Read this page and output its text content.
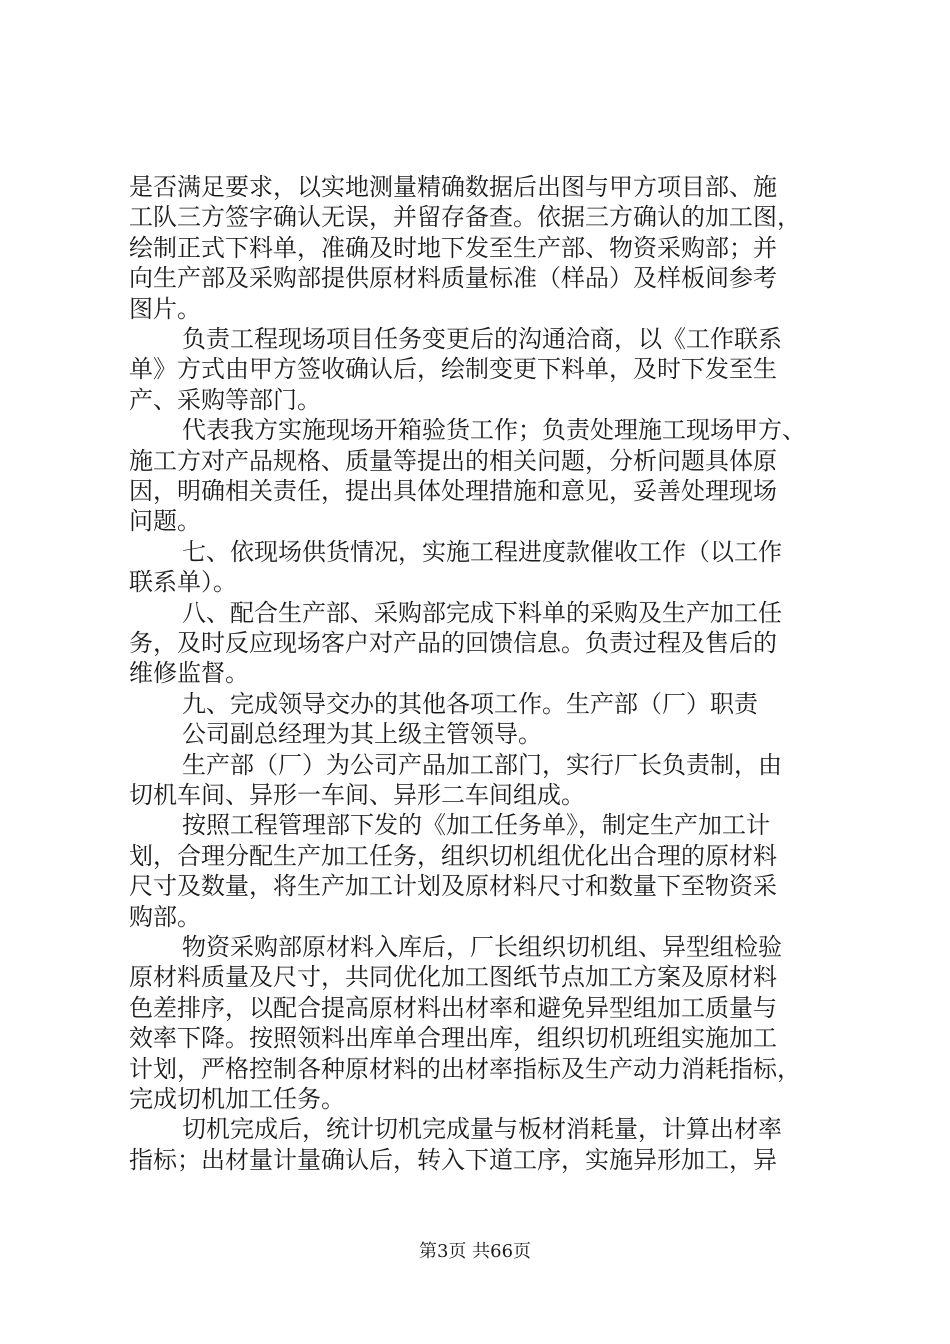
是否满足要求，以实地测量精确数据后出图与甲方项目部、施
工队三方签字确认无误，并留存备查。依据三方确认的加工图，
绘制正式下料单，准确及时地下发至生产部、物资采购部；并
向生产部及采购部提供原材料质量标准（样品）及样板间参考
图片。
负责工程现场项目任务变更后的沟通洽商，以《工作联系
单》方式由甲方签收确认后，绘制变更下料单，及时下发至生
产、采购等部门。
代表我方实施现场开箱验货工作；负责处理施工现场甲方、
施工方对产品规格、质量等提出的相关问题，分析问题具体原
因，明确相关责任，提出具体处理措施和意见，妥善处理现场
问题。
七、依现场供货情况，实施工程进度款催收工作（以工作
联系单）。
八、配合生产部、采购部完成下料单的采购及生产加工任
务，及时反应现场客户对产品的回馈信息。负责过程及售后的
维修监督。
九、完成领导交办的其他各项工作。生产部（厂）职责
公司副总经理为其上级主管领导。
生产部（厂）为公司产品加工部门，实行厂长负责制，由
切机车间、异形一车间、异形二车间组成。
按照工程管理部下发的《加工任务单》，制定生产加工计
划，合理分配生产加工任务，组织切机组优化出合理的原材料
尺寸及数量，将生产加工计划及原材料尺寸和数量下至物资采
购部。
物资采购部原材料入库后，厂长组织切机组、异型组检验
原材料质量及尺寸，共同优化加工图纸节点加工方案及原材料
色差排序，以配合提高原材料出材率和避免异型组加工质量与
效率下降。按照领料出库单合理出库，组织切机班组实施加工
计划，严格控制各种原材料的出材率指标及生产动力消耗指标，
完成切机加工任务。
切机完成后，统计切机完成量与板材消耗量，计算出材率
指标；出材量计量确认后，转入下道工序，实施异形加工，异
第3页 共66页
